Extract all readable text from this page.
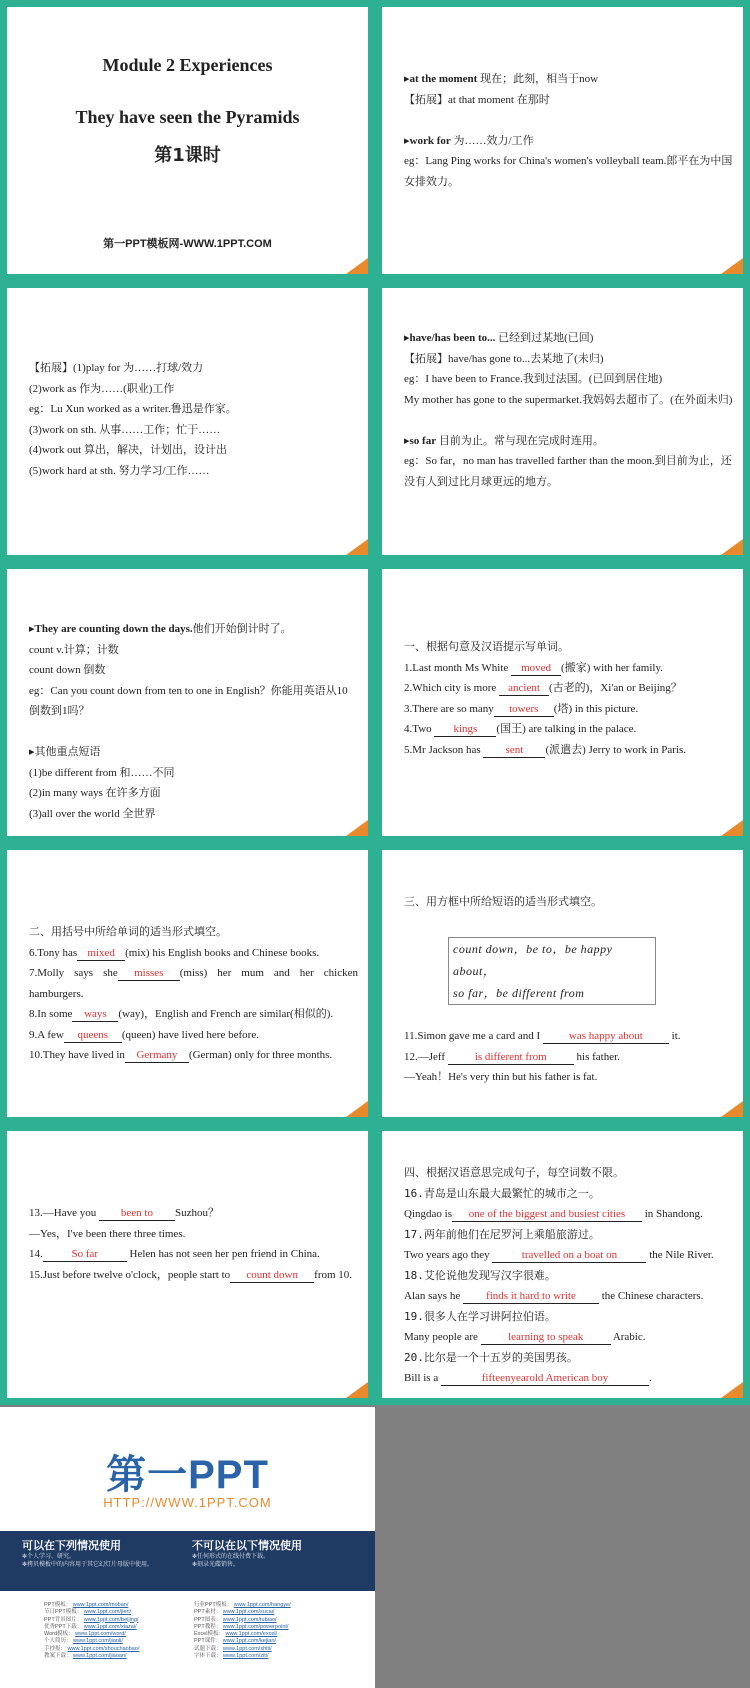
Module 2 Experiences
They have seen the Pyramids
第1课时
第一PPT模板网-WWW.1PPT.COM

▸at the moment 现在；此刻，相当于now

【拓展】at that moment 在那时

▸work for 为……效力/工作

eg：Lang Ping works for China's women's volleyball team.郎平在为中国女排效力。

【拓展】(1)play for 为……打球/效力

(2)work as 作为……(职业)工作

eg：Lu Xun worked as a writer.鲁迅是作家。

(3)work on sth. 从事……工作；忙于……

(4)work out 算出，解决，计划出，设计出

(5)work hard at sth. 努力学习/工作……

▸have/has been to... 已经到过某地(已回)

【拓展】have/has gone to...去某地了(未归)

eg：I have been to France.我到过法国。(已回到居住地)

My mother has gone to the supermarket.我妈妈去超市了。(在外面未归)

▸so far 目前为止。常与现在完成时连用。

eg：So far，no man has travelled farther than the moon.到目前为止，还没有人到过比月球更远的地方。

▸They are counting down the days.他们开始倒计时了。

count v.计算；计数

count down 倒数

eg：Can you count down from ten to one in English？你能用英语从10倒数到1吗？

▸其他重点短语

(1)be different from 和……不同

(2)in many ways 在许多方面

(3)all over the world 全世界

一、根据句意及汉语提示写单词。

1.Last month Ms White moved (搬家) with her family.

2.Which city is more ancient (古老的)，Xi'an or Beijing？

3.There are so many towers (塔) in this picture.

4.Two kings (国王) are talking in the palace.

5.Mr Jackson has sent (派遣去) Jerry to work in Paris.

二、用括号中所给单词的适当形式填空。

6.Tony has mixed (mix) his English books and Chinese books.

7.Molly says she misses (miss) her mum and her chicken hamburgers.

8.In some ways (way)，English and French are similar(相似的).

9.A few queens (queen) have lived here before.

10.They have lived in Germany (German) only for three months.

三、用方框中所给短语的适当形式填空。

count down，be to，be happy about，
so far，be different from

11.Simon gave me a card and I was happy about it.

12.—Jeff is different from his father.

—Yeah！He's very thin but his father is fat.

13.—Have you been to Suzhou？

—Yes，I've been there three times.

14.	So far	Helen has not seen her pen friend in China.

15.Just before twelve o'clock，people start to count down from 10.

四、根据汉语意思完成句子，每空词数不限。

16.青岛是山东最大最繁忙的城市之一。

Qingdao is one of the biggest and busiest cities in Shandong.

17.两年前他们在尼罗河上乘船旅游过。

Two years ago they	travelled on a boat on	the Nile River.

18.艾伦说他发现写汉字很难。

Alan says he finds it hard to write the Chinese characters.

19.很多人在学习讲阿拉伯语。

Many people are learning to speak Arabic.

20.比尔是一个十五岁的美国男孩。

Bill is a	fifteenyearold American boy	.

第一PPT
HTTP://WWW.1PPT.COM
可以在下列情况使用
✻个人学习、研究。
✻拷贝模板中的内容用于其它幻灯片母版中使用。
不可以在以下情况使用
✻任何形式的在线付费下载。
✻刻录光碟销售。
PPT模板： www.1ppt.com/moban/
节日PPT模板： www.1ppt.com/jieri/
PPT背景图片： www.1ppt.com/beijing/
优秀PPT下载： www.1ppt.com/xiazai/
Word模板： www.1ppt.com/word/
个人简历： www.1ppt.com/jianli/
手抄报： www.1ppt.com/shouchaobao/
教案下载： www.1ppt.com/jiaoan/
行业PPT模板： www.1ppt.com/hangye/
PPT素材： www.1ppt.com/sucai/
PPT图表： www.1ppt.com/tubiao/
PPT教程： www.1ppt.com/powerpoint/
Excel模板： www.1ppt.com/excel/
PPT课件： www.1ppt.com/kejian/
试题下载： www.1ppt.com/shiti/
字体下载： www.1ppt.com/ziti/
